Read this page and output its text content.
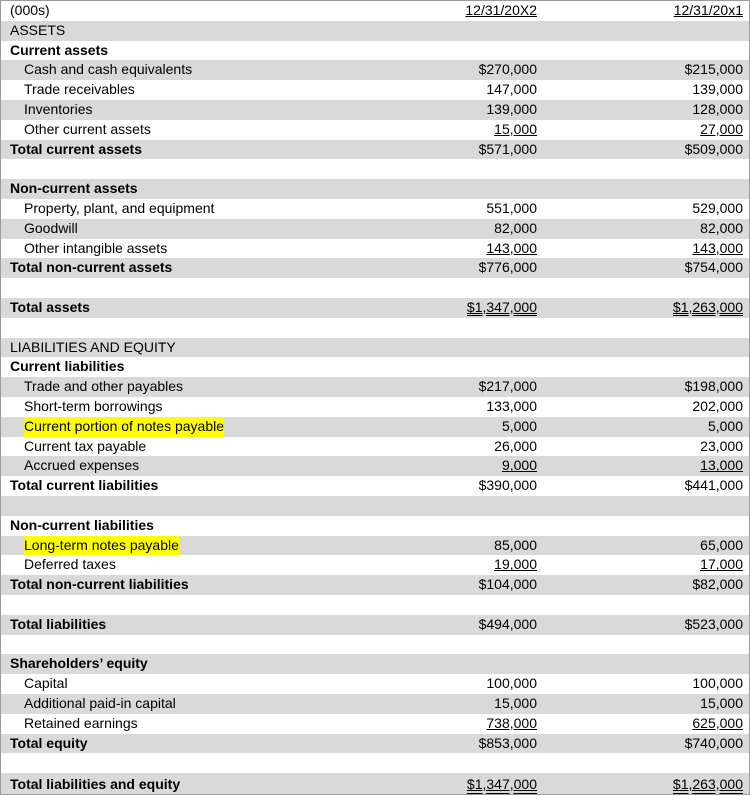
(000s)	12/31/20X2	12/31/20x1
ASSETS
Current assets
Cash and cash equivalents	$270,000	$215,000
Trade receivables	147,000	139,000
Inventories	139,000	128,000
Other current assets	15,000	27,000
Total current assets	$571,000	$509,000
Non-current assets
Property, plant, and equipment	551,000	529,000
Goodwill	82,000	82,000
Other intangible assets	143,000	143,000
Total non-current assets	$776,000	$754,000
Total assets	$1,347,000	$1,263,000
LIABILITIES AND EQUITY
Current liabilities
Trade and other payables	$217,000	$198,000
Short-term borrowings	133,000	202,000
Current portion of notes payable	5,000	5,000
Current tax payable	26,000	23,000
Accrued expenses	9,000	13,000
Total current liabilities	$390,000	$441,000
Non-current liabilities
Long-term notes payable	85,000	65,000
Deferred taxes	19,000	17,000
Total non-current liabilities	$104,000	$82,000
Total liabilities	$494,000	$523,000
Shareholders’ equity
Capital	100,000	100,000
Additional paid-in capital	15,000	15,000
Retained earnings	738,000	625,000
Total equity	$853,000	$740,000
Total liabilities and equity	$1,347,000	$1,263,000
